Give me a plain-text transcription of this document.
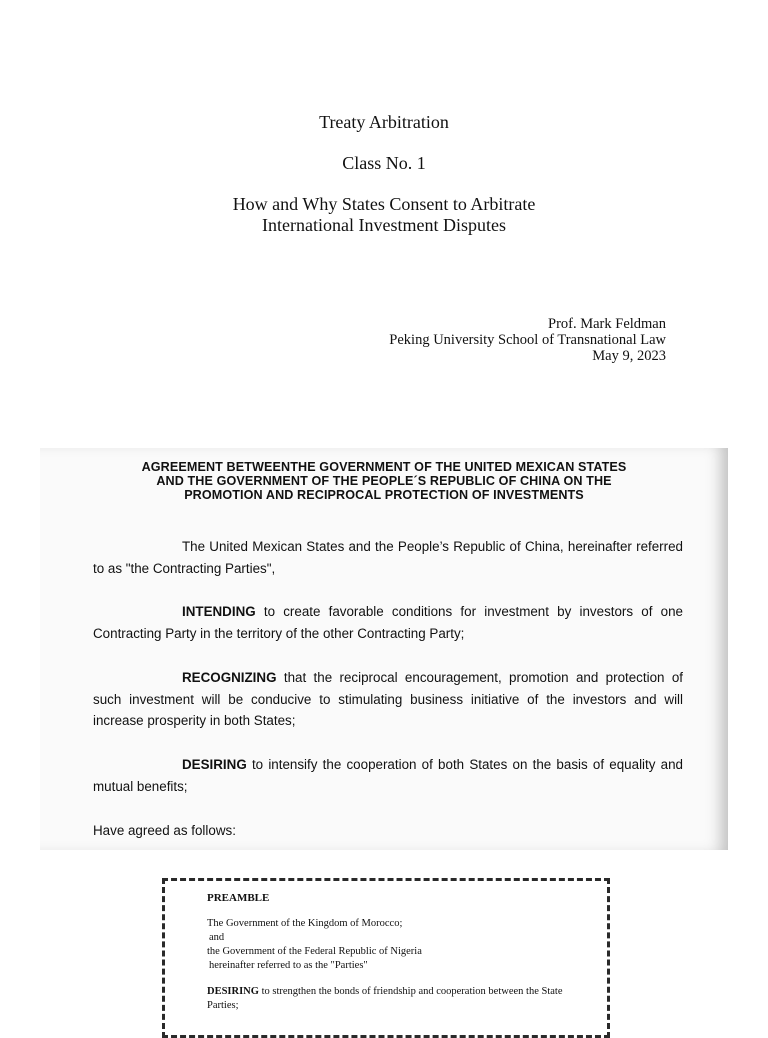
Treaty Arbitration

Class No. 1

How and Why States Consent to Arbitrate

International Investment Disputes

Prof. Mark Feldman

Peking University School of Transnational Law

May 9, 2023

AGREEMENT BETWEENTHE GOVERNMENT OF THE UNITED MEXICAN STATES

AND THE GOVERNMENT OF THE PEOPLE´S REPUBLIC OF CHINA ON THE

PROMOTION AND RECIPROCAL PROTECTION OF INVESTMENTS

The United Mexican States and the People’s Republic of China, hereinafter referred to as "the Contracting Parties",

INTENDING to create favorable conditions for investment by investors of one Contracting Party in the territory of the other Contracting Party;

RECOGNIZING that the reciprocal encouragement, promotion and protection of such investment will be conducive to stimulating business initiative of the investors and will increase prosperity in both States;

DESIRING to intensify the cooperation of both States on the basis of equality and mutual benefits;

Have agreed as follows:

PREAMBLE

The Government of the Kingdom of Morocco;

and

the Government of the Federal Republic of Nigeria

hereinafter referred to as the "Parties"

DESIRING to strengthen the bonds of friendship and cooperation between the State Parties;
